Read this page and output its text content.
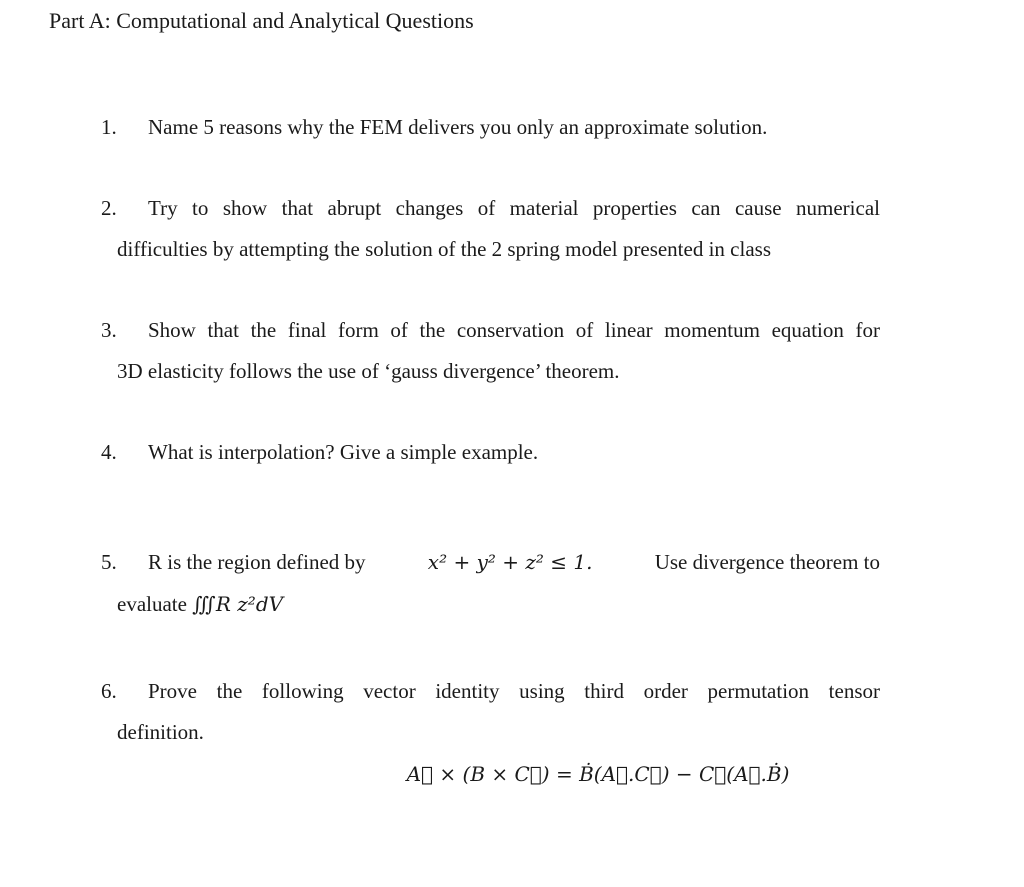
Part A: Computational and Analytical Questions
1. Name 5 reasons why the FEM delivers you only an approximate solution.
2. Try to show that abrupt changes of material properties can cause numerical
difficulties by attempting the solution of the 2 spring model presented in class
3. Show that the final form of the conservation of linear momentum equation for
3D elasticity follows the use of ‘gauss divergence’ theorem.
4. What is interpolation? Give a simple example.
5. R is the region defined by	x² + y² + z² ≤ 1.	Use divergence theorem to
evaluate ∭R z²dV
6. Prove the following vector identity using third order permutation tensor
definition.
A⃗ × (B × C⃗) = Ḃ(A⃗.C⃗) − C⃗(A⃗.Ḃ)
